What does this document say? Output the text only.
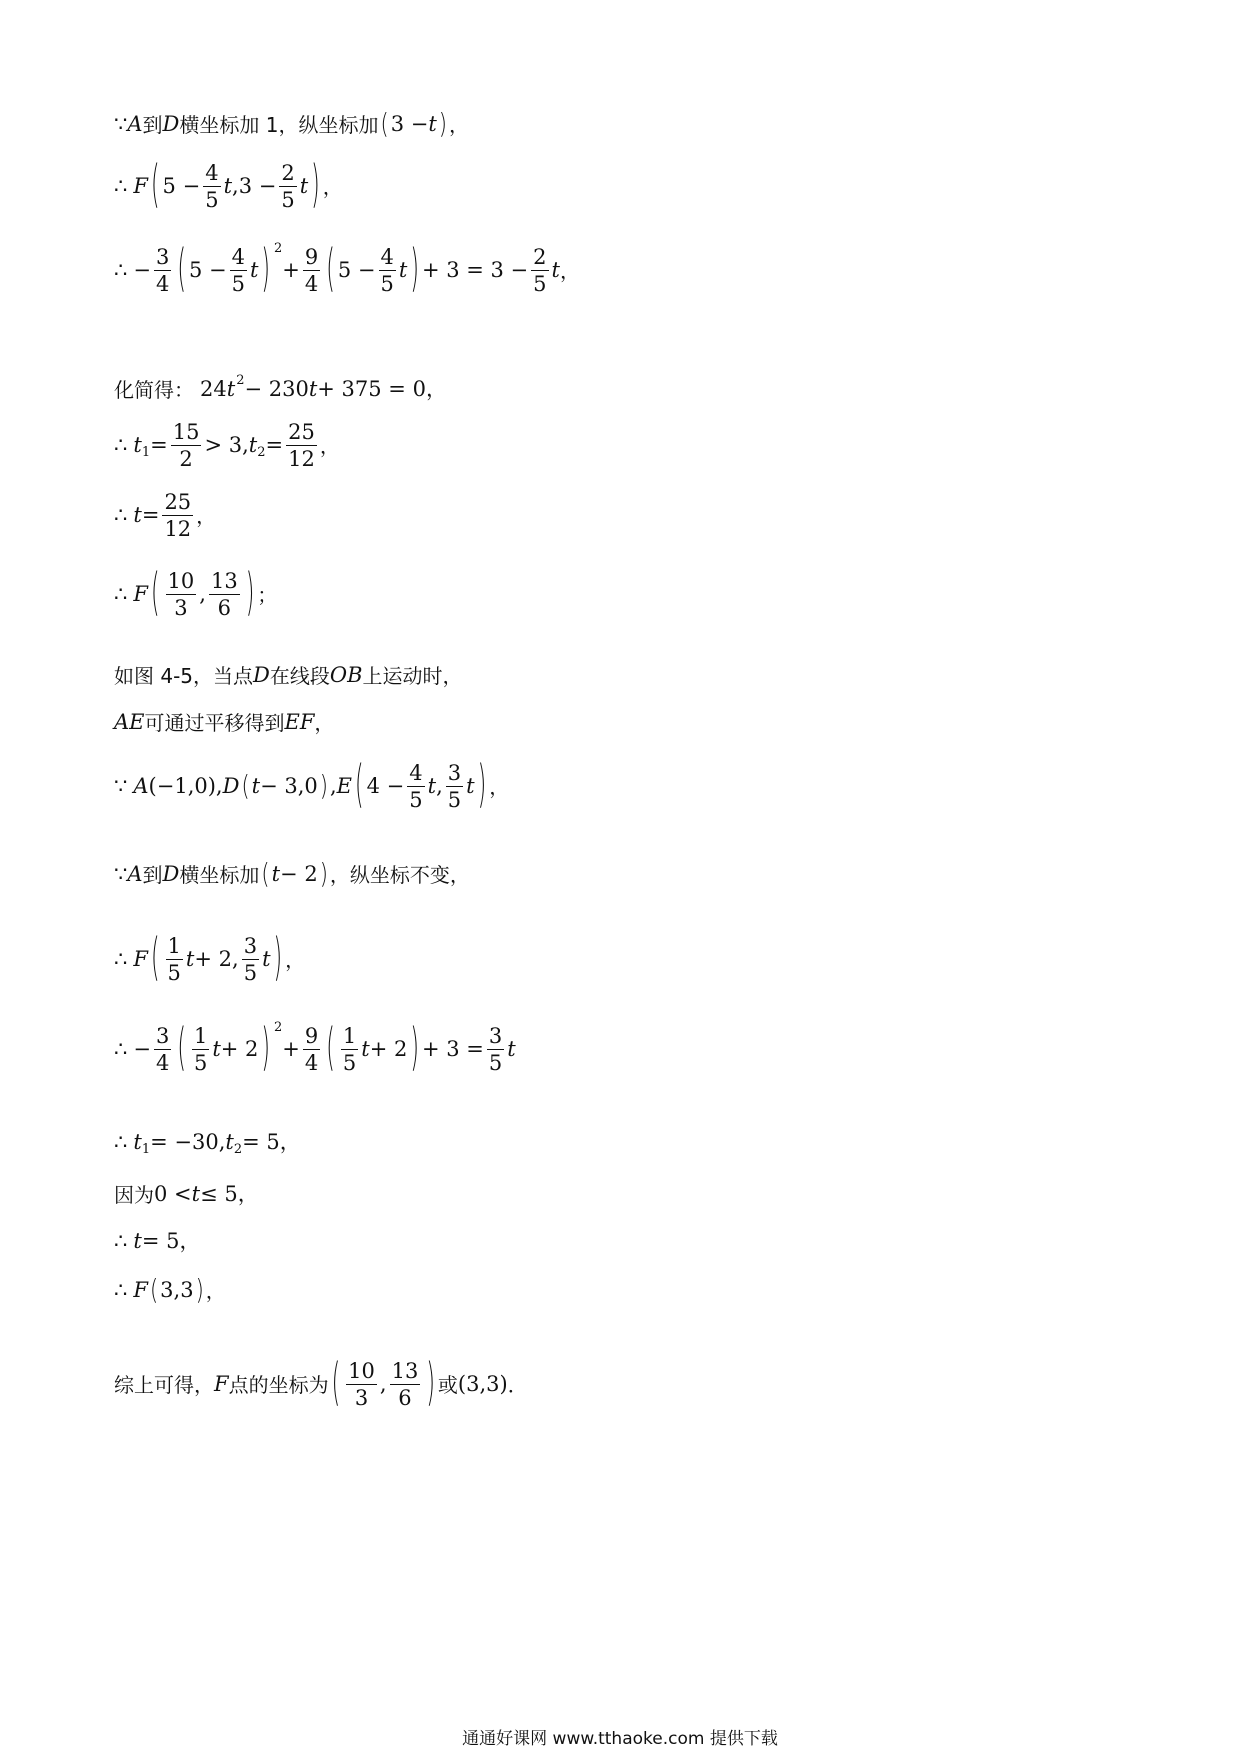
∵ A 到 D 横坐标加 1，纵坐标加 ( 3 − t ) ，
∴ F ( $5 - \frac{4}{5}$ t $,3 - \frac{2}{5}$ t ) ，
∴ − $\frac{3}{4}$ ( $5 - \frac{4}{5}$ t ) 2
+ $\frac{9}{4}$ ( $5 - \frac{4}{5}$ t ) + $3 = 3 - \frac{2}{5}$ t ，
化简得： 24 t 2 − 230 t + 375 = 0，
∴ t $1 = \frac{15}{2} > 3$, t $2 = \frac{25}{12}$ ，
∴ $t = \frac{25}{12}$ ，
∴ F ( $\frac{10}{3}$ , $\frac{13}{6}$ ) ；
如图 4-5，当点 D 在线段 OB 上运动时，
AE 可通过平移得到 EF ，
∵ A (−1,0), D ( t − 3,0 ) , E ( $4 - \frac{4}{5}$ t , $\frac{3}{5}$ t ) ，
∵ A 到 D 横坐标加 ( t − 2 ) ，纵坐标不变，
∴ F ( $\frac{1}{5}$ t + 2, $\frac{3}{5}$ t ) ，
∴ − $\frac{3}{4}$ ( $\frac{1}{5}$ t + 2 ) 2
+ $\frac{9}{4}$ ( $\frac{1}{5}$ t + 2 ) + $3 = \frac{3}{5}$ t
∴ t 1 = −30, t 2 = 5，
因为 0 < t ≤ 5，
∴ t = 5，
∴ F ( 3,3 ) ，
综上可得， F 点的坐标为 ( $\frac{10}{3}$ , $\frac{13}{6}$ ) 或 (3,3) ．
通通好课网 www.tthaoke.com 提供下载
